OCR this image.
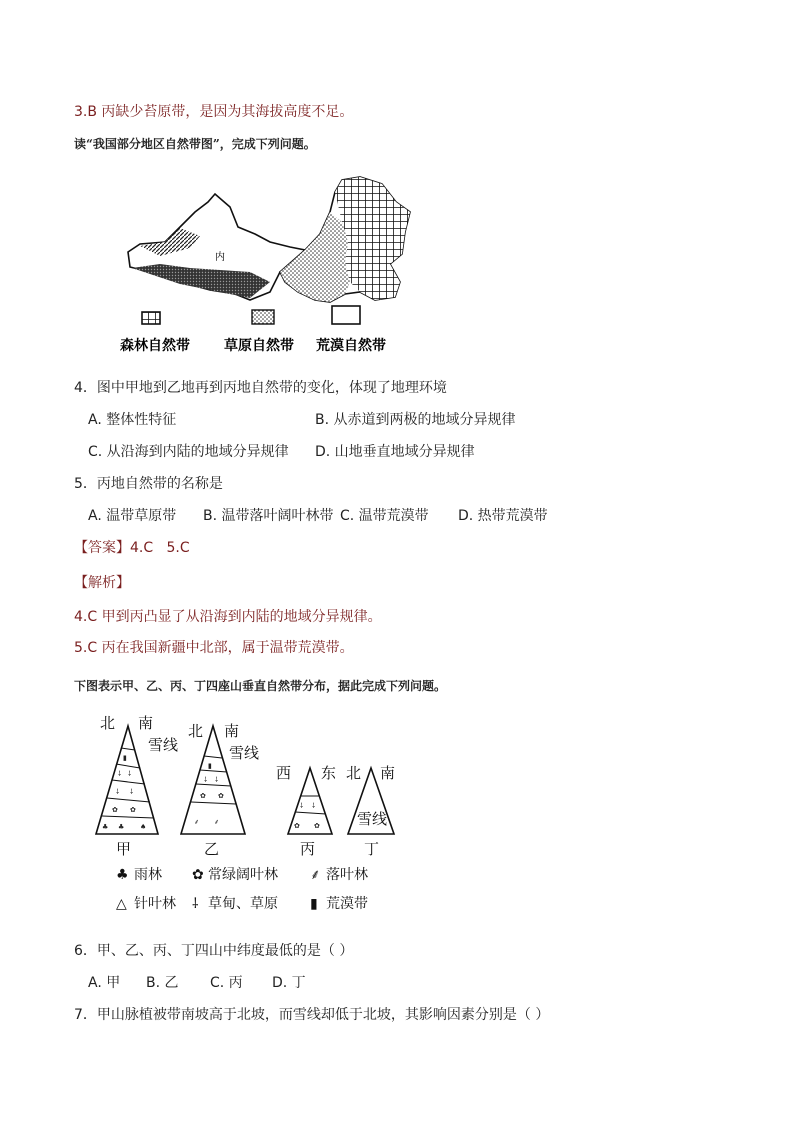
3.B 丙缺少苔原带，是因为其海拔高度不足。
读“我国部分地区自然带图”，完成下列问题。
内
森林自然带 草原自然带 荒漠自然带
4．图中甲地到乙地再到丙地自然带的变化，体现了地理环境
A. 整体性特征	B. 从赤道到两极的地域分异规律
C. 从沿海到内陆的地域分异规律 D. 山地垂直地域分异规律
5．丙地自然带的名称是
A. 温带草原带 B. 温带落叶阔叶林带 C. 温带荒漠带 D. 热带荒漠带
【答案】4.C   5.C
【解析】
4.C 甲到丙凸显了从沿海到内陆的地域分异规律。
5.C 丙在我国新疆中北部，属于温带荒漠带。
下图表示甲、乙、丙、丁四座山垂直自然带分布，据此完成下列问题。
▮
⸸ ⸸
⸸ ⸸
✿ ✿
♣ ♣ ♠
▮
⸸ ⸸
✿ ✿
⸙ ⸙
⸸ ⸸
✿ ✿
北 南
雪线
北 南
雪线
西 东 北 南
雪线
甲	乙	丙	丁
♣ 雨林 ✿ 常绿阔叶林 ⸙ 落叶林
△ 针叶林 ⸸ 草甸、草原 ▮ 荒漠带
6．甲、乙、丙、丁四山中纬度最低的是（ ）
A. 甲 B. 乙 C. 丙 D. 丁
7．甲山脉植被带南坡高于北坡，而雪线却低于北坡，其影响因素分别是（ ）
